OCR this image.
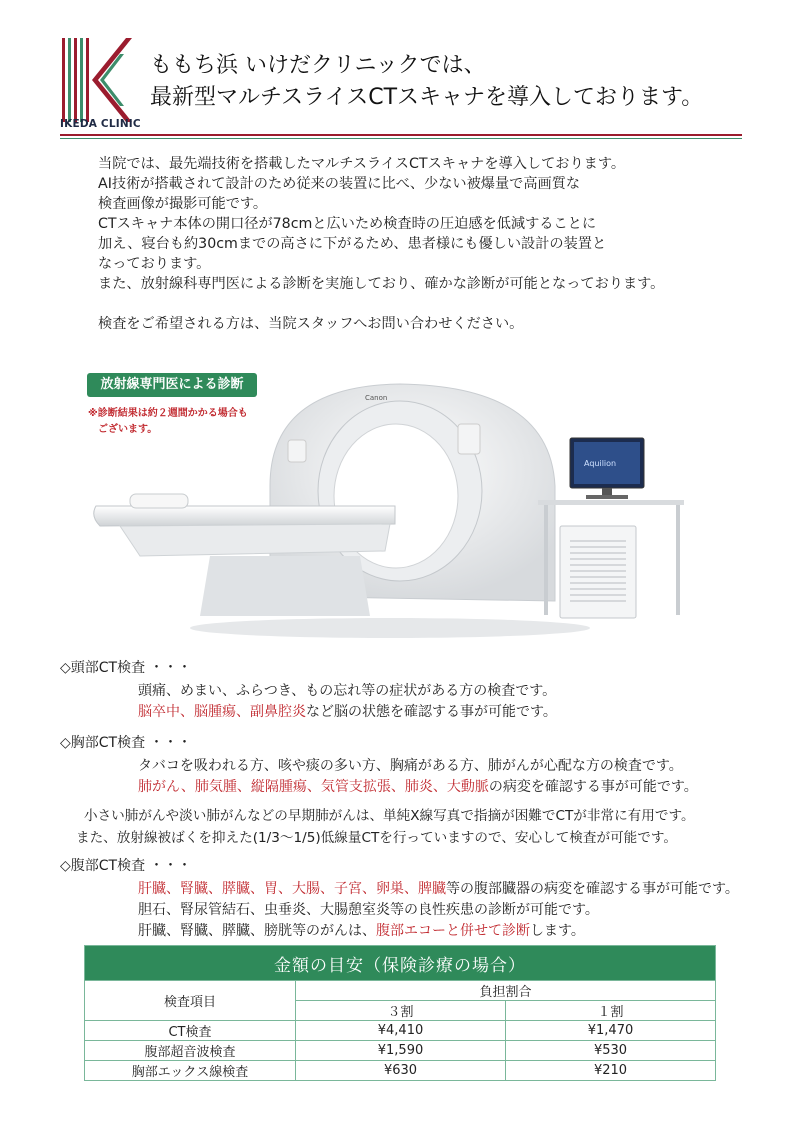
IKEDA CLINIC
ももち浜 いけだクリニックでは、
最新型マルチスライスCTスキャナを導入しております。

当院では、最先端技術を搭載したマルチスライスCTスキャナを導入しております。

AI技術が搭載されて設計のため従来の装置に比べ、少ない被爆量で高画質な

検査画像が撮影可能です。

CTスキャナ本体の開口径が78cmと広いため検査時の圧迫感を低減することに

加え、寝台も約30cmまでの高さに下がるため、患者様にも優しい設計の装置と

なっております。

また、放射線科専門医による診断を実施しており、確かな診断が可能となっております。

検査をご希望される方は、当院スタッフへお問い合わせください。

Canon
Aquilion
放射線専門医による診断
※診断結果は約２週間かかる場合も
ございます。
◇頭部CT検査 ・・・
頭痛、めまい、ふらつき、もの忘れ等の症状がある方の検査です。
脳卒中、脳腫瘍、副鼻腔炎など脳の状態を確認する事が可能です。
◇胸部CT検査 ・・・
タバコを吸われる方、咳や痰の多い方、胸痛がある方、肺がんが心配な方の検査です。
肺がん、肺気腫、縦隔腫瘍、気管支拡張、肺炎、大動脈の病変を確認する事が可能です。
小さい肺がんや淡い肺がんなどの早期肺がんは、単純X線写真で指摘が困難でCTが非常に有用です。
また、放射線被ばくを抑えた(1/3～1/5)低線量CTを行っていますので、安心して検査が可能です。
◇腹部CT検査 ・・・
肝臓、腎臓、膵臓、胃、大腸、子宮、卵巣、脾臓等の腹部臓器の病変を確認する事が可能です。
胆石、腎尿管結石、虫垂炎、大腸憩室炎等の良性疾患の診断が可能です。
肝臓、腎臓、膵臓、膀胱等のがんは、腹部エコーと併せて診断します。
金額の目安（保険診療の場合）		
検査項目	負担割合	
	３割	１割
CT検査	¥4,410	¥1,470
腹部超音波検査	¥1,590	¥530
胸部エックス線検査	¥630	¥210
